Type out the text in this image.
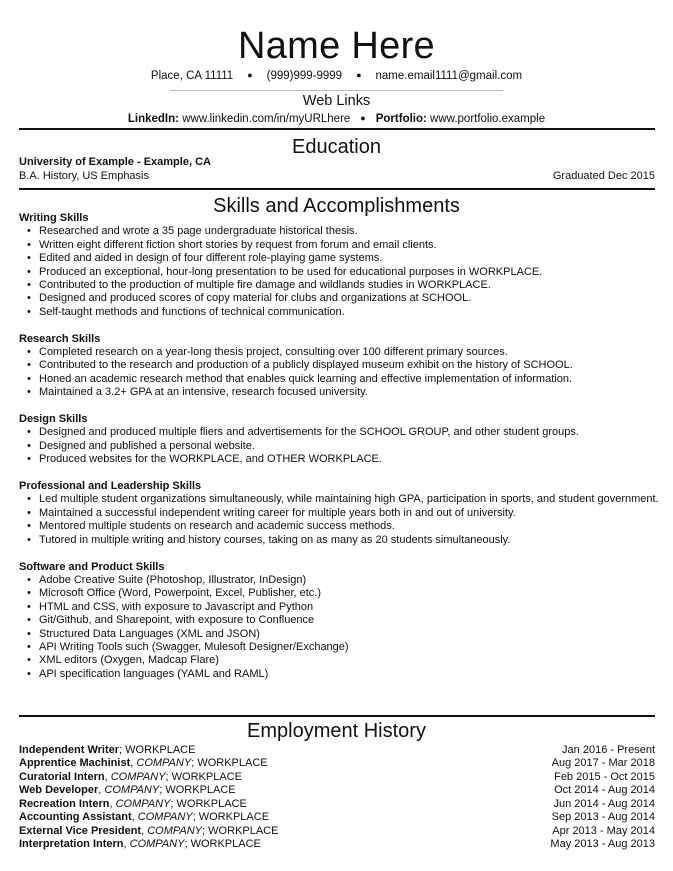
Name Here
Place, CA 11111 ● (999)999-9999 ● name.email1111@gmail.com
Web Links
LinkedIn: www.linkedin.com/in/myURLhere ● Portfolio: www.portfolio.example
Education
University of Example - Example, CA
B.A. History, US Emphasis	Graduated Dec 2015
Skills and Accomplishments

Writing Skills

• Researched and wrote a 35 page undergraduate historical thesis.
• Written eight different fiction short stories by request from forum and email clients.
• Edited and aided in design of four different role-playing game systems.
• Produced an exceptional, hour-long presentation to be used for educational purposes in WORKPLACE.
• Contributed to the production of multiple fire damage and wildlands studies in WORKPLACE.
• Designed and produced scores of copy material for clubs and organizations at SCHOOL.
• Self-taught methods and functions of technical communication.

Research Skills

• Completed research on a year-long thesis project, consulting over 100 different primary sources.
• Contributed to the research and production of a publicly displayed museum exhibit on the history of SCHOOL.
• Honed an academic research method that enables quick learning and effective implementation of information.
• Maintained a 3.2+ GPA at an intensive, research focused university.

Design Skills

• Designed and produced multiple fliers and advertisements for the SCHOOL GROUP, and other student groups.
• Designed and published a personal website.
• Produced websites for the WORKPLACE, and OTHER WORKPLACE.

Professional and Leadership Skills

• Led multiple student organizations simultaneously, while maintaining high GPA, participation in sports, and student government.
• Maintained a successful independent writing career for multiple years both in and out of university.
• Mentored multiple students on research and academic success methods.
• Tutored in multiple writing and history courses, taking on as many as 20 students simultaneously.

Software and Product Skills

• Adobe Creative Suite (Photoshop, Illustrator, InDesign)
• Microsoft Office (Word, Powerpoint, Excel, Publisher, etc.)
• HTML and CSS, with exposure to Javascript and Python
• Git/Github, and Sharepoint, with exposure to Confluence
• Structured Data Languages (XML and JSON)
• API Writing Tools such (Swagger, Mulesoft Designer/Exchange)
• XML editors (Oxygen, Madcap Flare)
• API specification languages (YAML and RAML)
Employment History
Independent Writer; WORKPLACE	Jan 2016 - Present
Apprentice Machinist, COMPANY; WORKPLACE	Aug 2017 - Mar 2018
Curatorial Intern, COMPANY; WORKPLACE	Feb 2015 - Oct 2015
Web Developer, COMPANY; WORKPLACE	Oct 2014 - Aug 2014
Recreation Intern, COMPANY; WORKPLACE	Jun 2014 - Aug 2014
Accounting Assistant, COMPANY; WORKPLACE	Sep 2013 - Aug 2014
External Vice President, COMPANY; WORKPLACE	Apr 2013 - May 2014
Interpretation Intern, COMPANY; WORKPLACE	May 2013 - Aug 2013
